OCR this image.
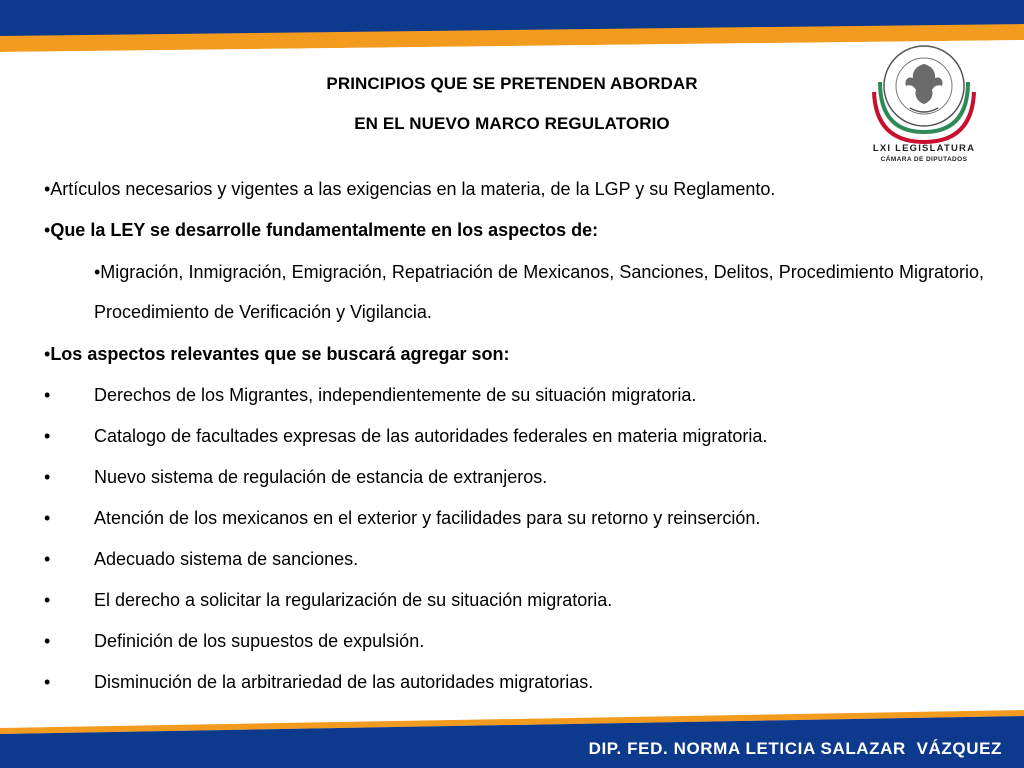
LXI LEGISLATURA
CÁMARA DE DIPUTADOS
PRINCIPIOS QUE SE PRETENDEN ABORDAR
EN EL NUEVO MARCO REGULATORIO
•Artículos necesarios y vigentes a las exigencias en la materia, de la LGP y su Reglamento.
•Que la LEY se desarrolle fundamentalmente en los aspectos de:
•Migración, Inmigración, Emigración, Repatriación de Mexicanos, Sanciones, Delitos, Procedimiento Migratorio, Procedimiento de Verificación y Vigilancia.
•Los aspectos relevantes que se buscará agregar son:
• Derechos de los Migrantes, independientemente de su situación migratoria.
• Catalogo de facultades expresas de las autoridades federales en materia migratoria.
• Nuevo sistema de regulación de estancia de extranjeros.
• Atención de los mexicanos en el exterior y facilidades para su retorno y reinserción.
• Adecuado sistema de sanciones.
• El derecho a solicitar la regularización de su situación migratoria.
• Definición de los supuestos de expulsión.
• Disminución de la arbitrariedad de las autoridades migratorias.
DIP. FED. NORMA LETICIA SALAZAR  VÁZQUEZ
